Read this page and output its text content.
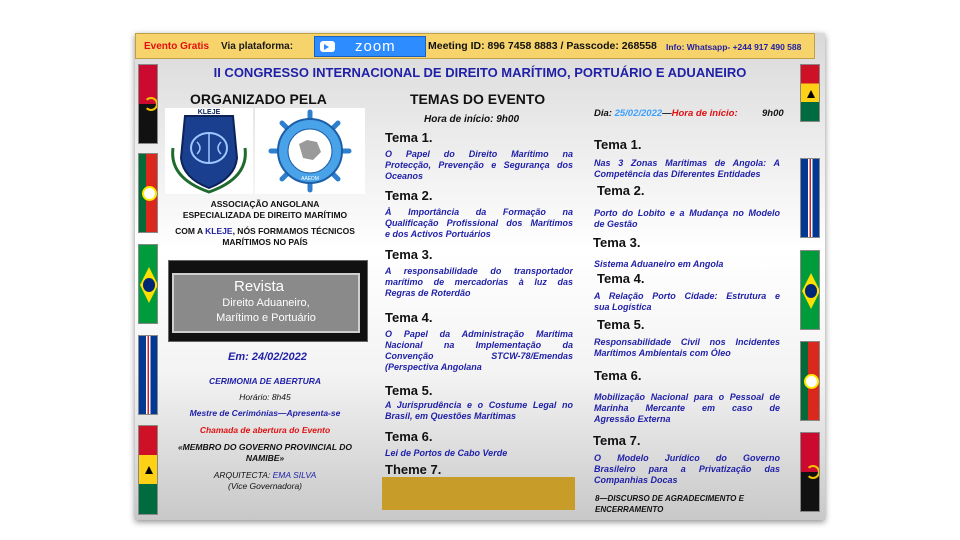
Evento Gratis Via plataforma:	zoom	Meeting ID: 896 7458 8883 / Passcode: 268558 Info: Whatsapp- +244 917 490 588
II CONGRESSO INTERNACIONAL DE DIREITO MARÍTIMO, PORTUÁRIO E ADUANEIRO
ORGANIZADO PELA
KLEJE
AAEDM
ASSOCIAÇÃO ANGOLANA
ESPECIALIZADA DE DIREITO MARÍTIMO
COM A KLEJE, NÓS FORMAMOS TÉCNICOS
MARÍTIMOS NO PAÍS
Revista
Direito Aduaneiro,
Marítimo e Portuário
Em: 24/02/2022
CERIMONIA DE ABERTURA
Horário: 8h45
Mestre de Cerimónias—Apresenta-se
Chamada de abertura do Evento
«MEMBRO DO GOVERNO PROVINCIAL DO
NAMIBE»
ARQUITECTA: EMA SILVA
(Vice Governadora)
TEMAS DO EVENTO
Hora de início: 9h00
Tema 1.
O Papel do Direito Marítimo na
Protecção, Prevenção e Segurança dos
Oceanos
Tema 2.
À Importância da Formação na
Qualificação Profissional dos Marítimos
e dos Activos Portuários
Tema 3.
A responsabilidade do transportador
marítimo de mercadorias à luz das
Regras de Roterdão
Tema 4.
O Papel da Administração Marítima
Nacional na Implementação da
Convenção STCW-78/Emendas
(Perspectiva Angolana
Tema 5.
A Jurisprudência e o Costume Legal no
Brasil, em Questões Marítimas
Tema 6.
Lei de Portos de Cabo Verde
Theme 7.
Dia: 25/02/2022—Hora de início:	9h00
Tema 1.
Nas 3 Zonas Marítimas de Angola: A
Competência das Diferentes Entidades
Tema 2.
Porto do Lobito e a Mudança no Modelo
de Gestão
Tema 3.
Sistema Aduaneiro em Angola
Tema 4.
A Relação Porto Cidade: Estrutura e
sua Logística
Tema 5.
Responsabilidade Civil nos Incidentes
Marítimos Ambientais com Óleo
Tema 6.
Mobilização Nacional para o Pessoal de
Marinha Mercante em caso de
Agressão Externa
Tema 7.
O Modelo Jurídico do Governo
Brasileiro para a Privatização das
Companhias Docas
8—DISCURSO DE AGRADECIMENTO E
ENCERRAMENTO
